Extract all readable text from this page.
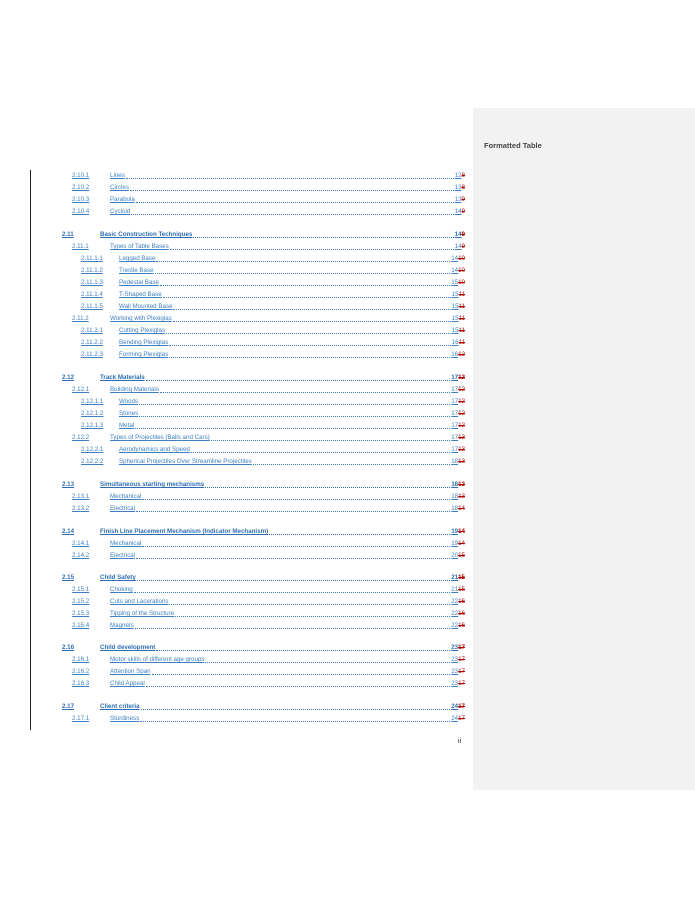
Formatted Table
2.10.1	Lines	12 8
2.10.2	Circles	13 8
2.10.3	Parabola	13 9
2.10.4	Cycloid	14 9
2.11	Basic Construction Techniques	14 9
2.11.1	Types of Table Bases	14 9
2.11.1.1	Legged Base	14 10
2.11.1.2	Trestle Base	14 10
2.11.1.3	Pedestal Base	15 10
2.11.1.4	T-Shaped Base	15 11
2.11.1.5	Wall Mounted Base	15 11
2.11.2	Working with Plexiglas	15 11
2.11.2.1	Cutting Plexiglas	15 11
2.11.2.2	Bending Plexiglas	16 11
2.11.2.3	Forming Plexiglas	16 12
2.12	Track Materials	17 12
2.12.1	Building Materials	17 12
2.12.1.1	Woods	17 12
2.12.1.2	Stones	17 12
2.12.1.3	Metal	17 12
2.12.2	Types of Projectiles (Balls and Cars)	17 13
2.12.2.1	Aerodynamics and Speed	17 13
2.12.2.2	Spherical Projectiles Over Streamline Projectiles	18 13
2.13	Simultaneous starting mechanisms	18 13
2.13.1	Mechanical	18 13
2.13.2	Electrical	18 14
2.14	Finish Line Placement Mechanism (Indicator Mechanism)	19 14
2.14.1	Mechanical	19 14
2.14.2	Electrical	20 15
2.15	Child Safety	21 15
2.15.1	Choking	21 15
2.15.2	Cuts and Lacerations	22 16
2.15.3	Tipping of the Structure	22 16
2.15.4	Magnets	22 16
2.16	Child development	23 17
2.16.1	Motor skills of different age groups	23 17
2.16.2	Attention Span	23 17
2.16.3	Child Appeal	23 17
2.17	Client criteria	24 17
2.17.1	Sturdiness	24 17
ii
